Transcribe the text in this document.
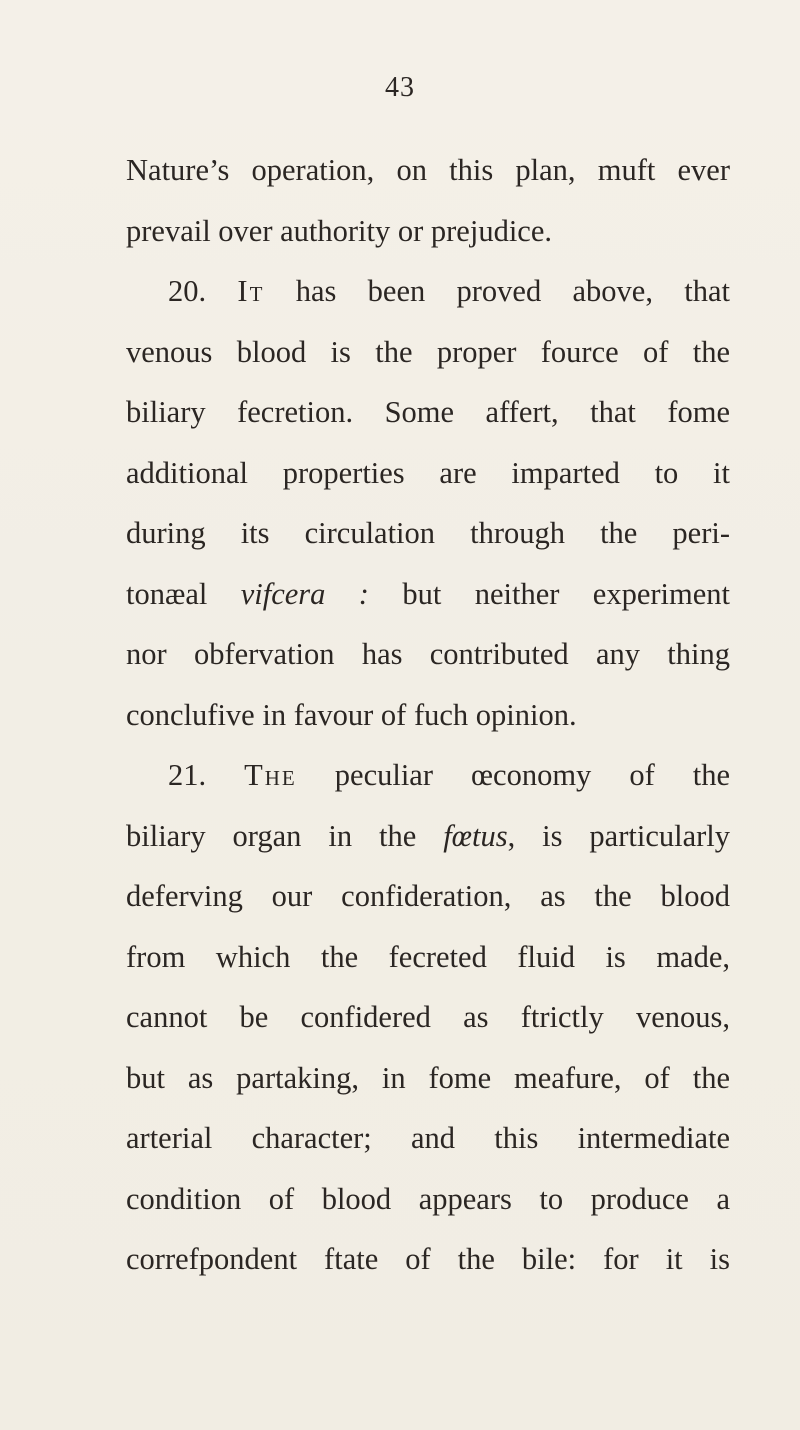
43
Nature’s operation, on this plan, muft ever
prevail over authority or prejudice.
20. It has been proved above, that
venous blood is the proper fource of the
biliary fecretion. Some affert, that fome
additional properties are imparted to it
during its circulation through the peri-
tonæal vifcera : but neither experiment
nor obfervation has contributed any thing
conclufive in favour of fuch opinion.
21. The peculiar œconomy of the
biliary organ in the fœtus, is particularly
deferving our confideration, as the blood
from which the fecreted fluid is made,
cannot be confidered as ftrictly venous,
but as partaking, in fome meafure, of the
arterial character; and this intermediate
condition of blood appears to produce a
correfpondent ftate of the bile: for it is
